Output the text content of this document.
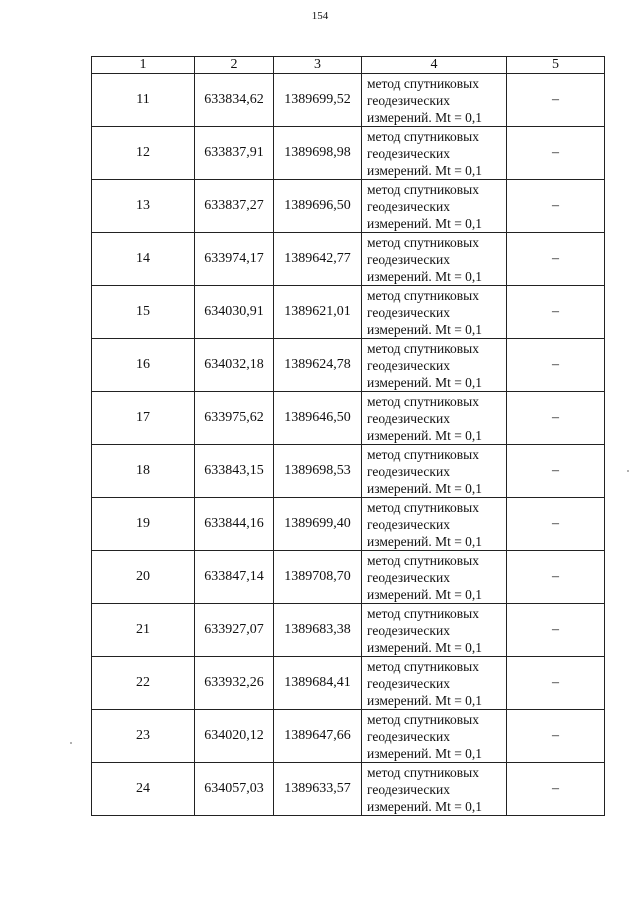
154
1	2	3	4	5
11	633834,62	1389699,52	метод спутниковых
геодезических
измерений. Mt = 0,1	–
12	633837,91	1389698,98	метод спутниковых
геодезических
измерений. Mt = 0,1	–
13	633837,27	1389696,50	метод спутниковых
геодезических
измерений. Mt = 0,1	–
14	633974,17	1389642,77	метод спутниковых
геодезических
измерений. Mt = 0,1	–
15	634030,91	1389621,01	метод спутниковых
геодезических
измерений. Mt = 0,1	–
16	634032,18	1389624,78	метод спутниковых
геодезических
измерений. Mt = 0,1	–
17	633975,62	1389646,50	метод спутниковых
геодезических
измерений. Mt = 0,1	–
18	633843,15	1389698,53	метод спутниковых
геодезических
измерений. Mt = 0,1	–
19	633844,16	1389699,40	метод спутниковых
геодезических
измерений. Mt = 0,1	–
20	633847,14	1389708,70	метод спутниковых
геодезических
измерений. Mt = 0,1	–
21	633927,07	1389683,38	метод спутниковых
геодезических
измерений. Mt = 0,1	–
22	633932,26	1389684,41	метод спутниковых
геодезических
измерений. Mt = 0,1	–
23	634020,12	1389647,66	метод спутниковых
геодезических
измерений. Mt = 0,1	–
24	634057,03	1389633,57	метод спутниковых
геодезических
измерений. Mt = 0,1	–
